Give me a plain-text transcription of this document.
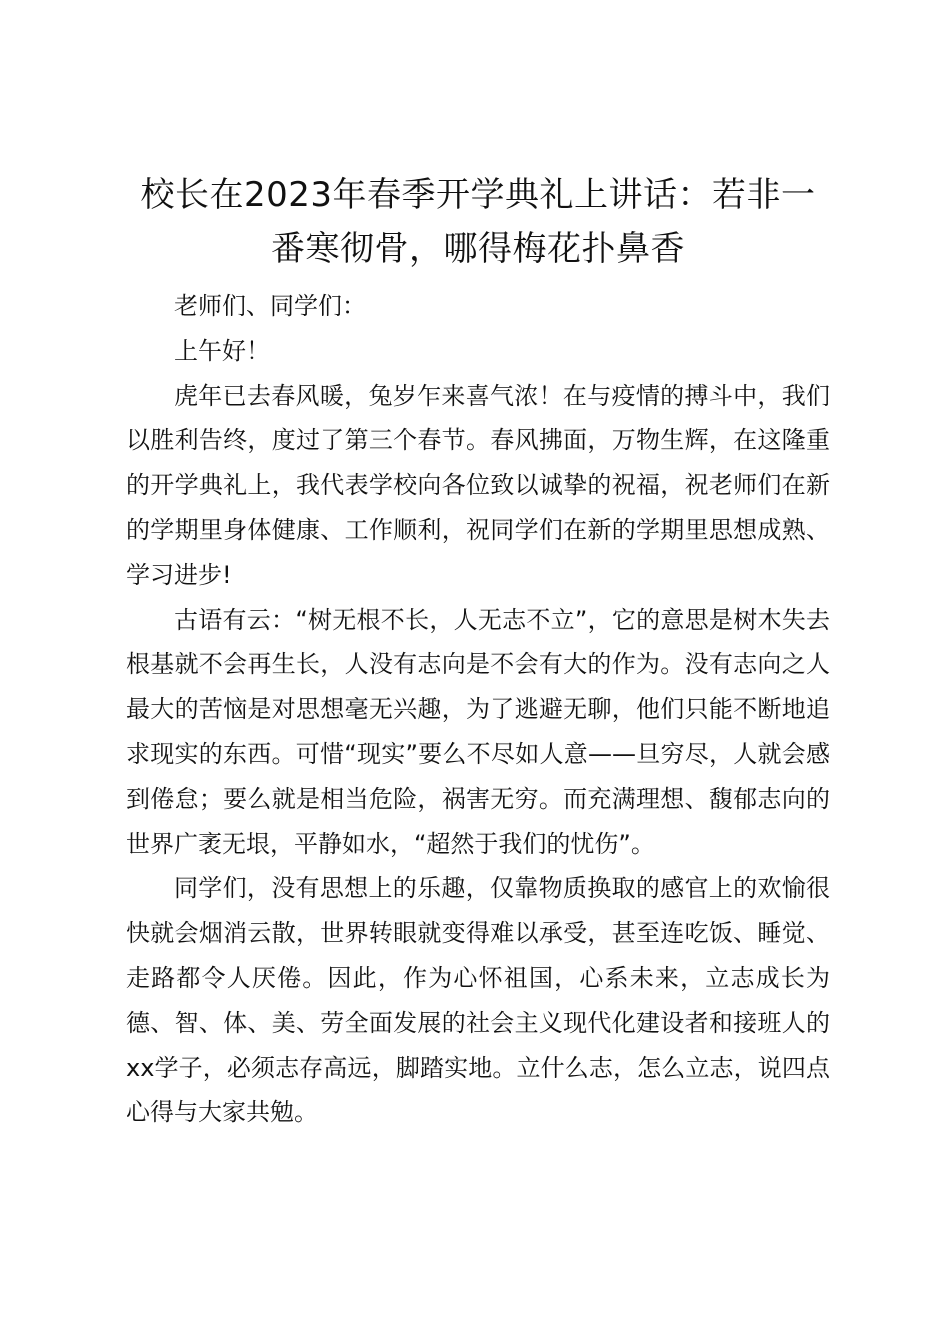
校长在2023年春季开学典礼上讲话：若非一番寒彻骨，哪得梅花扑鼻香

老师们、同学们：

上午好！

虎年已去春风暖，兔岁乍来喜气浓！在与疫情的搏斗中，我们以胜利告终，度过了第三个春节。春风拂面，万物生辉，在这隆重的开学典礼上，我代表学校向各位致以诚挚的祝福，祝老师们在新的学期里身体健康、工作顺利，祝同学们在新的学期里思想成熟、学习进步!

古语有云：“树无根不长，人无志不立”，它的意思是树木失去根基就不会再生长，人没有志向是不会有大的作为。没有志向之人最大的苦恼是对思想毫无兴趣，为了逃避无聊，他们只能不断地追求现实的东西。可惜“现实”要么不尽如人意——旦穷尽，人就会感到倦怠；要么就是相当危险，祸害无穷。而充满理想、馥郁志向的世界广袤无垠，平静如水，“超然于我们的忧伤”。

同学们，没有思想上的乐趣，仅靠物质换取的感官上的欢愉很快就会烟消云散，世界转眼就变得难以承受，甚至连吃饭、睡觉、走路都令人厌倦。因此，作为心怀祖国，心系未来，立志成长为德、智、体、美、劳全面发展的社会主义现代化建设者和接班人的xx学子，必须志存高远，脚踏实地。立什么志，怎么立志，说四点心得与大家共勉。
